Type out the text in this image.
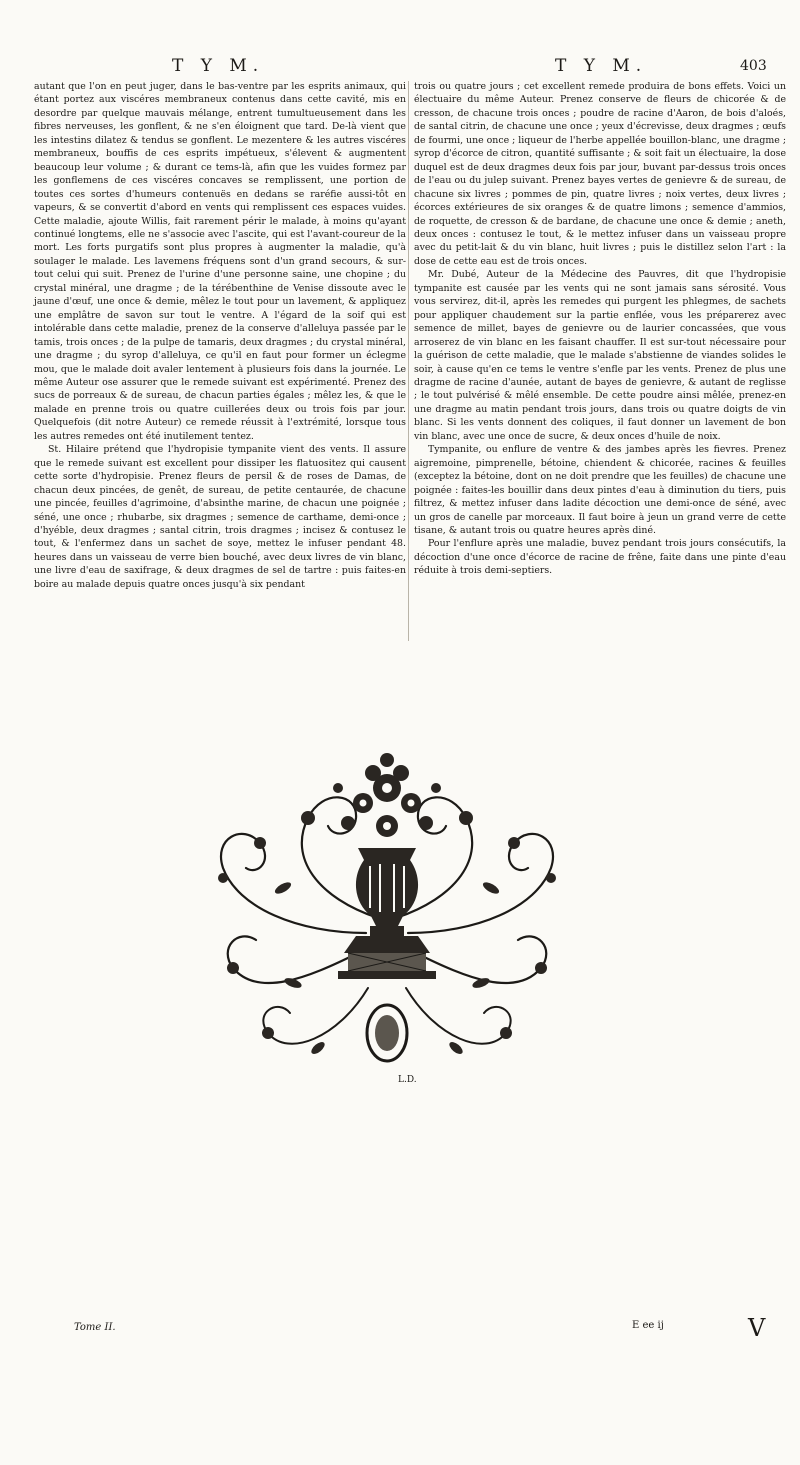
T Y M.	T Y M.	403

autant que l'on en peut juger, dans le bas-ventre par les esprits animaux, qui étant portez aux viscéres membraneux contenus dans cette cavité, mis en desordre par quelque mauvais mélange, entrent tumultueusement dans les fibres nerveuses, les gonflent, & ne s'en éloignent que tard. De-là vient que les intestins dilatez & tendus se gonflent. Le mezentere & les autres viscéres membraneux, bouffis de ces esprits impétueux, s'élevent & augmentent beaucoup leur volume ; & durant ce tems-là, afin que les vuides formez par les gonflemens de ces viscéres concaves se remplissent, une portion de toutes ces sortes d'humeurs contenuës en dedans se raréfie aussi-tôt en vapeurs, & se convertit d'abord en vents qui remplissent ces espaces vuides. Cette maladie, ajoute Willis, fait rarement périr le malade, à moins qu'ayant continué longtems, elle ne s'associe avec l'ascite, qui est l'avant-coureur de la mort. Les forts purgatifs sont plus propres à augmenter la maladie, qu'à soulager le malade. Les lavemens fréquens sont d'un grand secours, & sur-tout celui qui suit. Prenez de l'urine d'une personne saine, une chopine ; du crystal minéral, une dragme ; de la térébenthine de Venise dissoute avec le jaune d'œuf, une once & demie, mêlez le tout pour un lavement, & appliquez une emplâtre de savon sur tout le ventre. A l'égard de la soif qui est intolérable dans cette maladie, prenez de la conserve d'alleluya passée par le tamis, trois onces ; de la pulpe de tamaris, deux dragmes ; du crystal minéral, une dragme ; du syrop d'alleluya, ce qu'il en faut pour former un éclegme mou, que le malade doit avaler lentement à plusieurs fois dans la journée. Le même Auteur ose assurer que le remede suivant est expérimenté. Prenez des sucs de porreaux & de sureau, de chacun parties égales ; mêlez les, & que le malade en prenne trois ou quatre cuillerées deux ou trois fois par jour. Quelquefois (dit notre Auteur) ce remede réussit à l'extrémité, lorsque tous les autres remedes ont été inutilement tentez.

St. Hilaire prétend que l'hydropisie tympanite vient des vents. Il assure que le remede suivant est excellent pour dissiper les flatuositez qui causent cette sorte d'hydropisie. Prenez fleurs de persil & de roses de Damas, de chacun deux pincées, de genêt, de sureau, de petite centaurée, de chacune une pincée, feuilles d'agrimoine, d'absinthe marine, de chacun une poignée ; séné, une once ; rhubarbe, six dragmes ; semence de carthame, demi-once ; d'hyéble, deux dragmes ; santal citrin, trois dragmes ; incisez & contusez le tout, & l'enfermez dans un sachet de soye, mettez le infuser pendant 48. heures dans un vaisseau de verre bien bouché, avec deux livres de vin blanc, une livre d'eau de saxifrage, & deux dragmes de sel de tartre : puis faites-en boire au malade depuis quatre onces jusqu'à six pendant

trois ou quatre jours ; cet excellent remede produira de bons effets. Voici un électuaire du même Auteur. Prenez conserve de fleurs de chicorée & de cresson, de chacune trois onces ; poudre de racine d'Aaron, de bois d'aloés, de santal citrin, de chacune une once ; yeux d'écrevisse, deux dragmes ; œufs de fourmi, une once ; liqueur de l'herbe appellée bouillon-blanc, une dragme ; syrop d'écorce de citron, quantité suffisante ; & soit fait un électuaire, la dose duquel est de deux dragmes deux fois par jour, buvant par-dessus trois onces de l'eau ou du julep suivant. Prenez bayes vertes de genievre & de sureau, de chacune six livres ; pommes de pin, quatre livres ; noix vertes, deux livres ; écorces extérieures de six oranges & de quatre limons ; semence d'ammios, de roquette, de cresson & de bardane, de chacune une once & demie ; aneth, deux onces : contusez le tout, & le mettez infuser dans un vaisseau propre avec du petit-lait & du vin blanc, huit livres ; puis le distillez selon l'art : la dose de cette eau est de trois onces.

Mr. Dubé, Auteur de la Médecine des Pauvres, dit que l'hydropisie tympanite est causée par les vents qui ne sont jamais sans sérosité. Vous vous servirez, dit-il, après les remedes qui purgent les phlegmes, de sachets pour appliquer chaudement sur la partie enflée, vous les préparerez avec semence de millet, bayes de genievre ou de laurier concassées, que vous arroserez de vin blanc en les faisant chauffer. Il est sur-tout nécessaire pour la guérison de cette maladie, que le malade s'abstienne de viandes solides le soir, à cause qu'en ce tems le ventre s'enfle par les vents. Prenez de plus une dragme de racine d'aunée, autant de bayes de genievre, & autant de reglisse ; le tout pulvérisé & mêlé ensemble. De cette poudre ainsi mêlée, prenez-en une dragme au matin pendant trois jours, dans trois ou quatre doigts de vin blanc. Si les vents donnent des coliques, il faut donner un lavement de bon vin blanc, avec une once de sucre, & deux onces d'huile de noix.

Tympanite, ou enflure de ventre & des jambes après les fievres. Prenez aigremoine, pimprenelle, bétoine, chiendent & chicorée, racines & feuilles (exceptez la bétoine, dont on ne doit prendre que les feuilles) de chacune une poignée : faites-les bouillir dans deux pintes d'eau à diminution du tiers, puis filtrez, & mettez infuser dans ladite décoction une demi-once de séné, avec un gros de canelle par morceaux. Il faut boire à jeun un grand verre de cette tisane, & autant trois ou quatre heures après diné.

Pour l'enflure après une maladie, buvez pendant trois jours consécutifs, la décoction d'une once d'écorce de racine de frêne, faite dans une pinte d'eau réduite à trois demi-septiers.

L.D.
Tome II.	E ee ij	V
